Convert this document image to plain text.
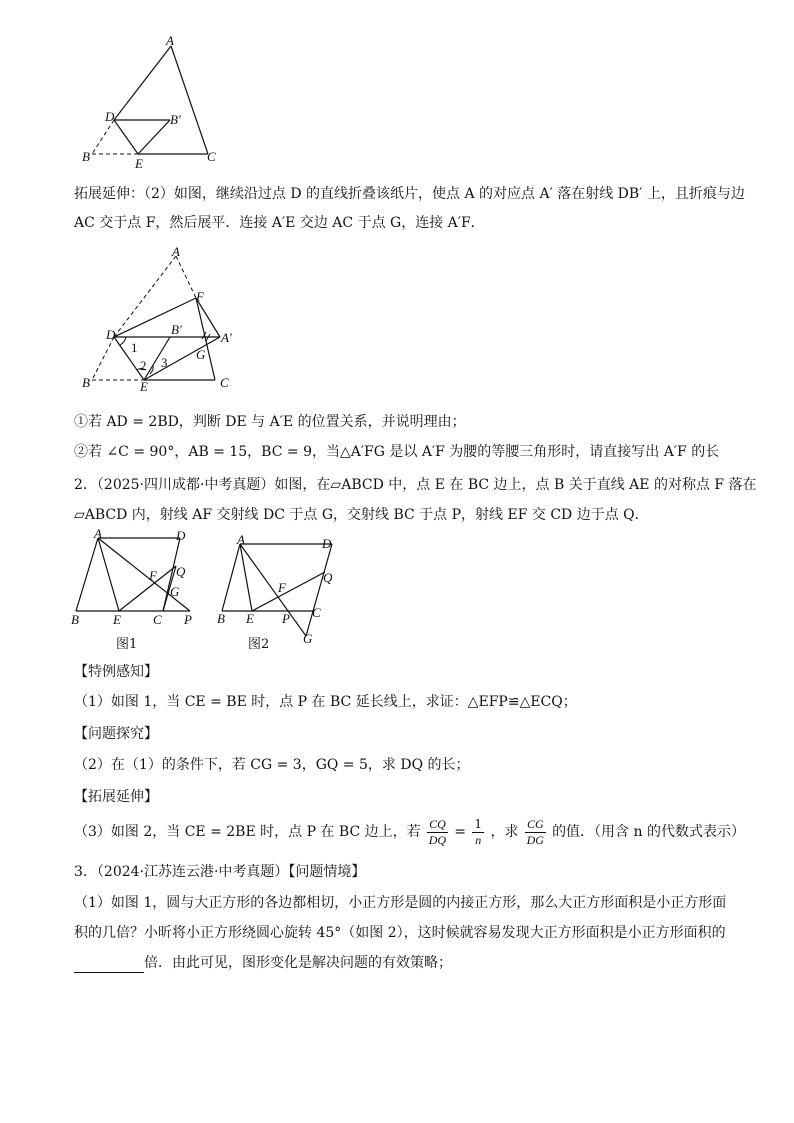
A
D	B′
B	E	C
拓展延伸：（2）如图，继续沿过点 D 的直线折叠该纸片，使点 A 的对应点 A′ 落在射线 DB′ 上，且折痕与边
AC 交于点 F，然后展平．连接 A′E 交边 AC 于点 G，连接 A′F．
A
F
D	B′
A′
G
1
2 3
B	E	C
①若 AD = 2BD，判断 DE 与 A′E 的位置关系，并说明理由；
②若 ∠C = 90°，AB = 15，BC = 9，当△A′FG 是以 A′F 为腰的等腰三角形时，请直接写出 A′F 的长
2．（2025·四川成都·中考真题）如图，在▱ABCD 中，点 E 在 BC 边上，点 B 关于直线 AE 的对称点 F 落在
▱ABCD 内，射线 AF 交射线 DC 于点 G，交射线 BC 于点 P，射线 EF 交 CD 边于点 Q．
A	D
Q
F
G
B	E C P
图1
A	D
Q
F
B E P C
G
图2
【特例感知】
（1）如图 1，当 CE = BE 时，点 P 在 BC 延长线上，求证：△EFP≌△ECQ；
【问题探究】
（2）在（1）的条件下，若 CG = 3，GQ = 5，求 DQ 的长；
【拓展延伸】
（3）如图 2，当 CE = 2BE 时，点 P 在 BC 边上，若 $\frac{CQ}{DQ} = \frac{1}{n}$ ，求 $\frac{CG}{DG}$ 的值．（用含 n 的代数式表示）
3．（2024·江苏连云港·中考真题）【问题情境】
（1）如图 1，圆与大正方形的各边都相切，小正方形是圆的内接正方形，那么大正方形面积是小正方形面
积的几倍？小昕将小正方形绕圆心旋转 45°（如图 2），这时候就容易发现大正方形面积是小正方形面积的
倍．由此可见，图形变化是解决问题的有效策略；
